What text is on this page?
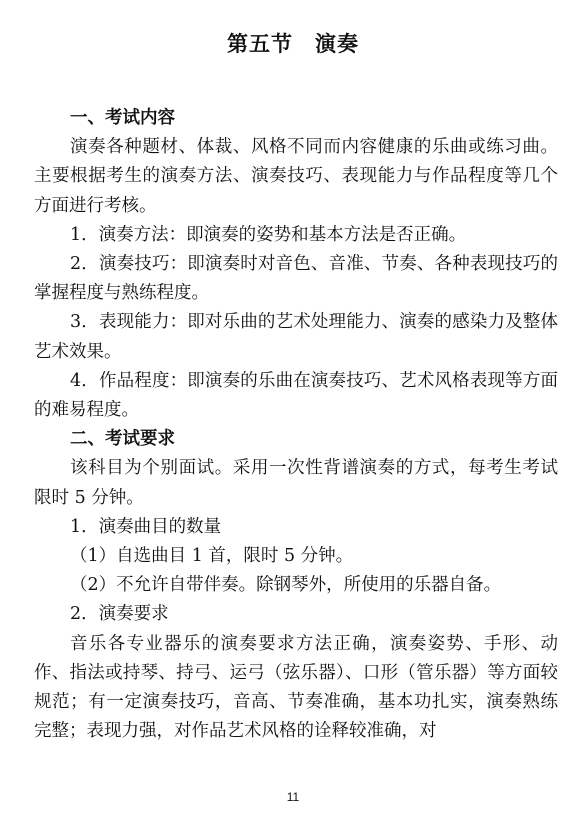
第五节　演奏

一、考试内容

演奏各种题材、体裁、风格不同而内容健康的乐曲或练习曲。主要根据考生的演奏方法、演奏技巧、表现能力与作品程度等几个方面进行考核。

1．演奏方法：即演奏的姿势和基本方法是否正确。

2．演奏技巧：即演奏时对音色、音准、节奏、各种表现技巧的掌握程度与熟练程度。

3．表现能力：即对乐曲的艺术处理能力、演奏的感染力及整体艺术效果。

4．作品程度：即演奏的乐曲在演奏技巧、艺术风格表现等方面的难易程度。

二、考试要求

该科目为个别面试。采用一次性背谱演奏的方式，每考生考试限时 5 分钟。

1．演奏曲目的数量

（1）自选曲目 1 首，限时 5 分钟。

（2）不允许自带伴奏。除钢琴外，所使用的乐器自备。

2．演奏要求

音乐各专业器乐的演奏要求方法正确，演奏姿势、手形、动作、指法或持琴、持弓、运弓（弦乐器）、口形（管乐器）等方面较规范；有一定演奏技巧，音高、节奏准确，基本功扎实，演奏熟练完整；表现力强，对作品艺术风格的诠释较准确，对

11
